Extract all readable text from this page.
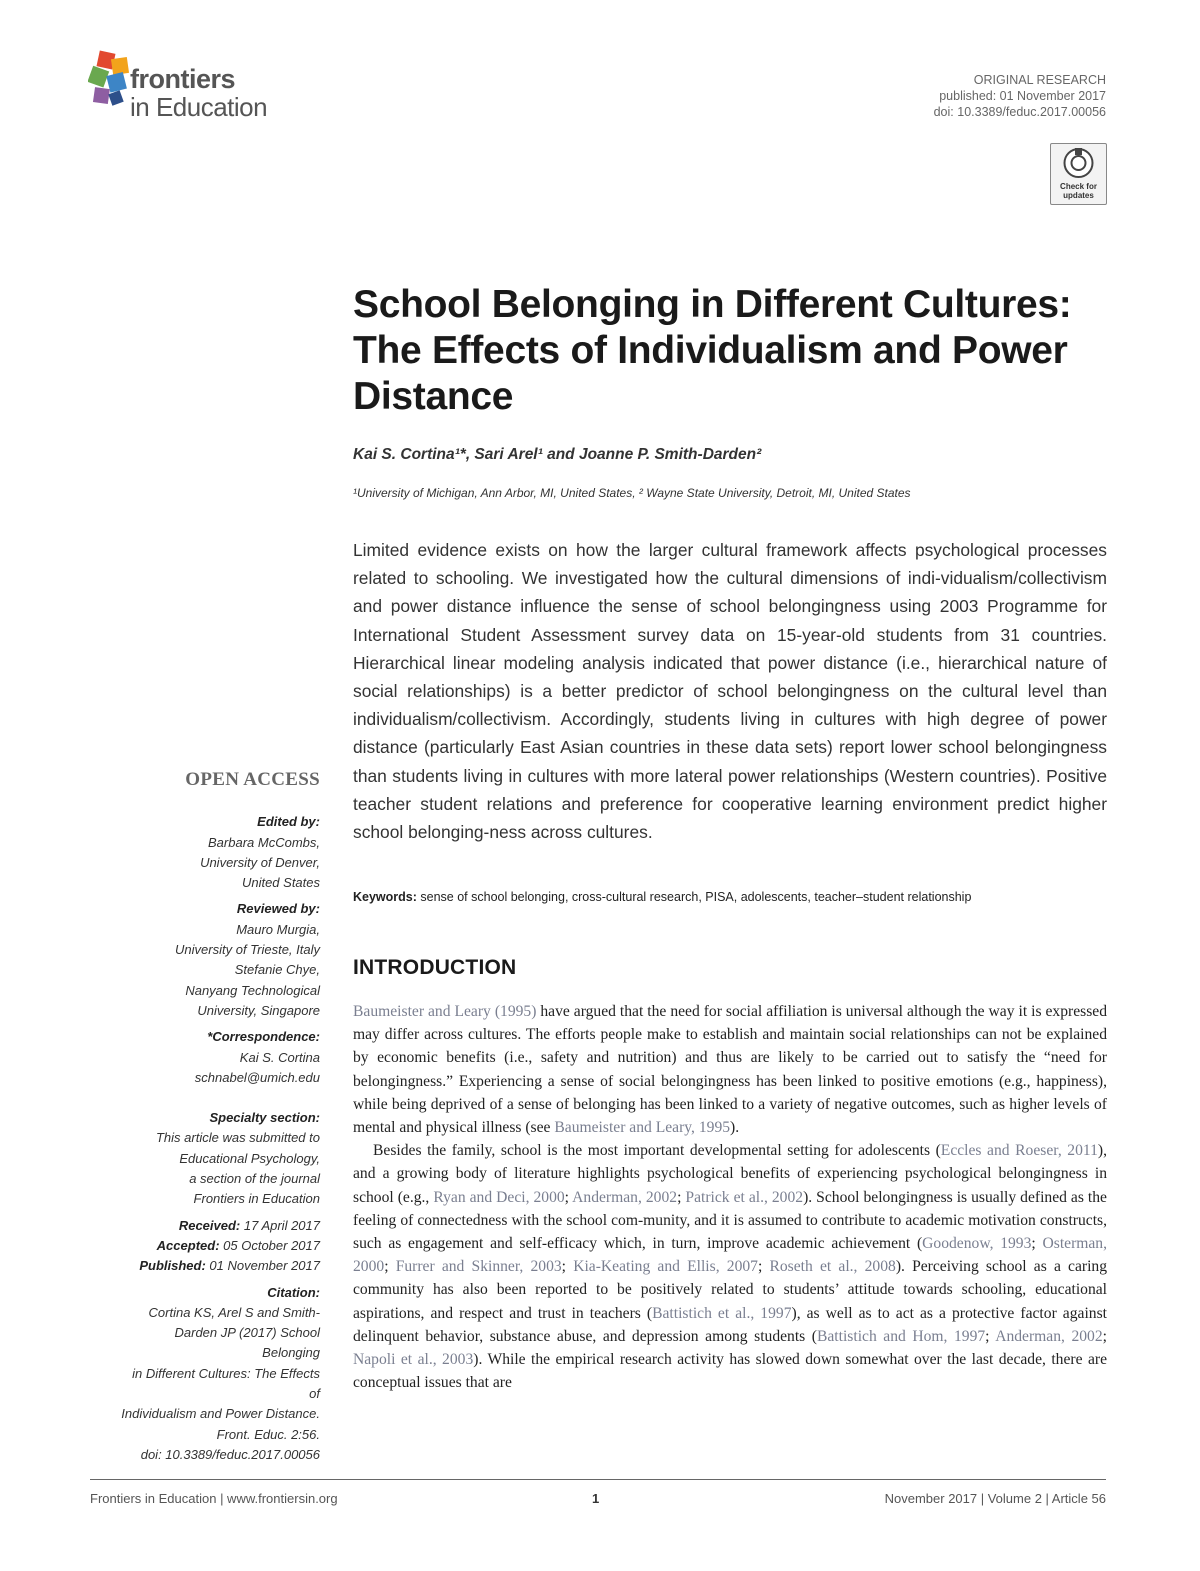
frontiers
in Education
ORIGINAL RESEARCH
published: 01 November 2017
doi: 10.3389/feduc.2017.00056
Check for updates
School Belonging in Different Cultures: The Effects of Individualism and Power Distance
Kai S. Cortina¹*, Sari Arel¹ and Joanne P. Smith-Darden²
¹University of Michigan, Ann Arbor, MI, United States, ² Wayne State University, Detroit, MI, United States
Limited evidence exists on how the larger cultural framework affects psychological processes related to schooling. We investigated how the cultural dimensions of indi-vidualism/collectivism and power distance influence the sense of school belongingness using 2003 Programme for International Student Assessment survey data on 15-year-old students from 31 countries. Hierarchical linear modeling analysis indicated that power distance (i.e., hierarchical nature of social relationships) is a better predictor of school belongingness on the cultural level than individualism/collectivism. Accordingly, students living in cultures with high degree of power distance (particularly East Asian countries in these data sets) report lower school belongingness than students living in cultures with more lateral power relationships (Western countries). Positive teacher student relations and preference for cooperative learning environment predict higher school belonging-ness across cultures.
Keywords: sense of school belonging, cross-cultural research, PISA, adolescents, teacher–student relationship
INTRODUCTION

Baumeister and Leary (1995) have argued that the need for social affiliation is universal although the way it is expressed may differ across cultures. The efforts people make to establish and maintain social relationships can not be explained by economic benefits (i.e., safety and nutrition) and thus are likely to be carried out to satisfy the “need for belongingness.” Experiencing a sense of social belongingness has been linked to positive emotions (e.g., happiness), while being deprived of a sense of belonging has been linked to a variety of negative outcomes, such as higher levels of mental and physical illness (see Baumeister and Leary, 1995).

Besides the family, school is the most important developmental setting for adolescents (Eccles and Roeser, 2011), and a growing body of literature highlights psychological benefits of experiencing psychological belongingness in school (e.g., Ryan and Deci, 2000; Anderman, 2002; Patrick et al., 2002). School belongingness is usually defined as the feeling of connectedness with the school com-munity, and it is assumed to contribute to academic motivation constructs, such as engagement and self-efficacy which, in turn, improve academic achievement (Goodenow, 1993; Osterman, 2000; Furrer and Skinner, 2003; Kia-Keating and Ellis, 2007; Roseth et al., 2008). Perceiving school as a caring community has also been reported to be positively related to students’ attitude towards schooling, educational aspirations, and respect and trust in teachers (Battistich et al., 1997), as well as to act as a protective factor against delinquent behavior, substance abuse, and depression among students (Battistich and Hom, 1997; Anderman, 2002; Napoli et al., 2003). While the empirical research activity has slowed down somewhat over the last decade, there are conceptual issues that are

OPEN ACCESS
Edited by:
Barbara McCombs,
University of Denver,
United States
Reviewed by:
Mauro Murgia,
University of Trieste, Italy
Stefanie Chye,
Nanyang Technological
University, Singapore
*Correspondence:
Kai S. Cortina
schnabel@umich.edu
Specialty section:
This article was submitted to
Educational Psychology,
a section of the journal
Frontiers in Education
Received: 17 April 2017
Accepted: 05 October 2017
Published: 01 November 2017
Citation:
Cortina KS, Arel S and Smith-
Darden JP (2017) School Belonging
in Different Cultures: The Effects of
Individualism and Power Distance.
Front. Educ. 2:56.
doi: 10.3389/feduc.2017.00056
Frontiers in Education | www.frontiersin.org	1	November 2017 | Volume 2 | Article 56
